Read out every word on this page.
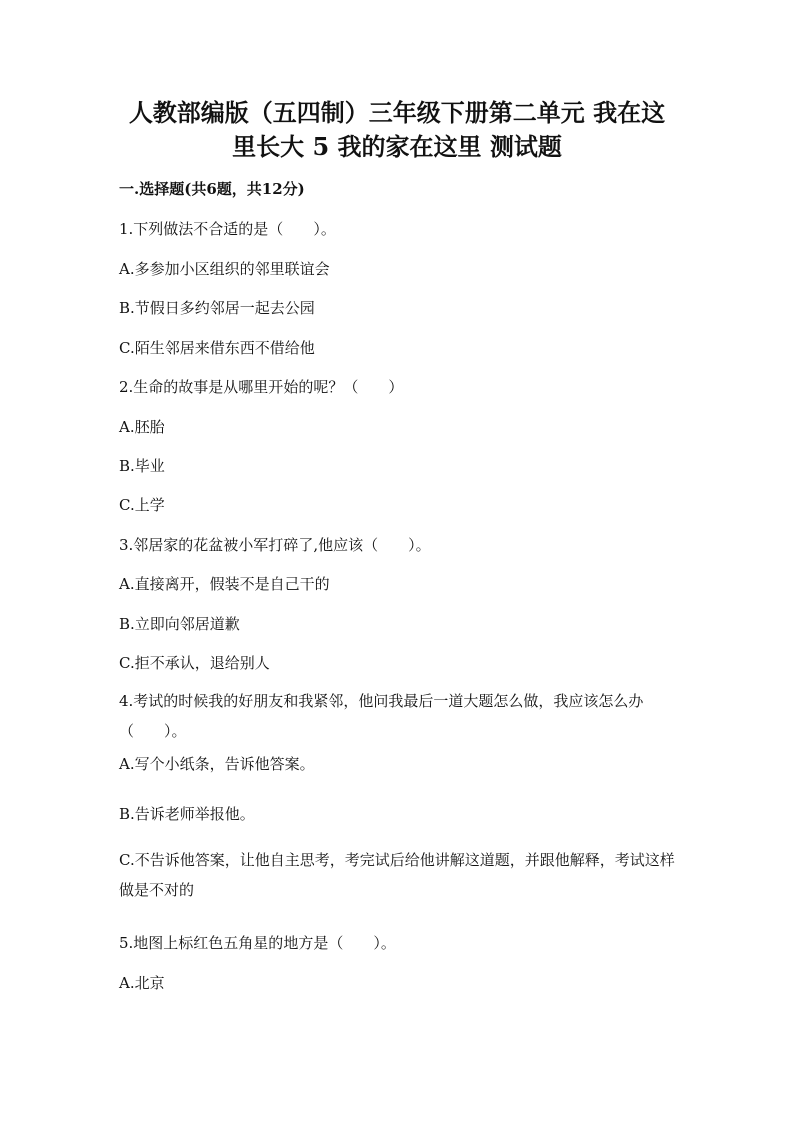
人教部编版（五四制）三年级下册第二单元 我在这
里长大 5 我的家在这里 测试题
一.选择题(共6题，共12分)
1.下列做法不合适的是（　　）。
A.多参加小区组织的邻里联谊会
B.节假日多约邻居一起去公园
C.陌生邻居来借东西不借给他
2.生命的故事是从哪里开始的呢？（　　）
A.胚胎
B.毕业
C.上学
3.邻居家的花盆被小军打碎了,他应该（　　）。
A.直接离开，假装不是自己干的
B.立即向邻居道歉
C.拒不承认，退给别人
4.考试的时候我的好朋友和我紧邻，他问我最后一道大题怎么做，我应该怎么办（　　）。
A.写个小纸条，告诉他答案。
B.告诉老师举报他。
C.不告诉他答案，让他自主思考，考完试后给他讲解这道题，并跟他解释，考试这样做是不对的
5.地图上标红色五角星的地方是（　　）。
A.北京
